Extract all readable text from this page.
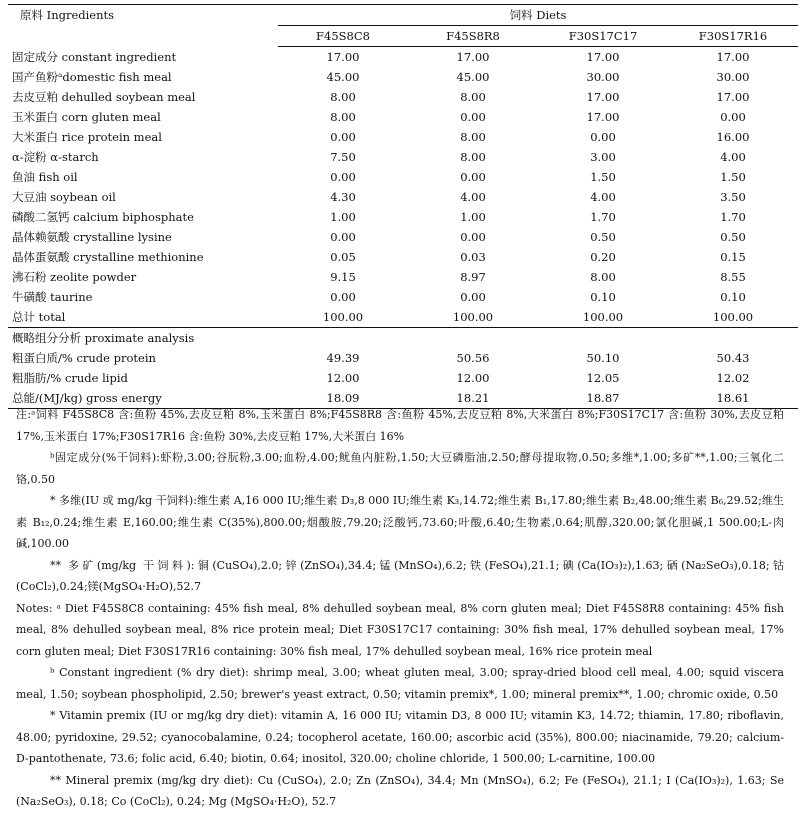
原料 Ingredients	饲料 Diets			
	F45S8C8	F45S8R8	F30S17C17	F30S17R16
固定成分 constant ingredient	17.00	17.00	17.00	17.00
国产鱼粉ᵃdomestic fish meal	45.00	45.00	30.00	30.00
去皮豆粕 dehulled soybean meal	8.00	8.00	17.00	17.00
玉米蛋白 corn gluten meal	8.00	0.00	17.00	0.00
大米蛋白 rice protein meal	0.00	8.00	0.00	16.00
α-淀粉 α-starch	7.50	8.00	3.00	4.00
鱼油 fish oil	0.00	0.00	1.50	1.50
大豆油 soybean oil	4.30	4.00	4.00	3.50
磷酸二氢钙 calcium biphosphate	1.00	1.00	1.70	1.70
晶体赖氨酸 crystalline lysine	0.00	0.00	0.50	0.50
晶体蛋氨酸 crystalline methionine	0.05	0.03	0.20	0.15
沸石粉 zeolite powder	9.15	8.97	8.00	8.55
牛磺酸 taurine	0.00	0.00	0.10	0.10
总计 total	100.00	100.00	100.00	100.00
概略组分分析 proximate analysis				
粗蛋白质/% crude protein	49.39	50.56	50.10	50.43
粗脂肪/% crude lipid	12.00	12.00	12.05	12.02
总能/(MJ/kg) gross energy	18.09	18.21	18.87	18.61

注:ᵃ饲料 F45S8C8 含:鱼粉 45%,去皮豆粕 8%,玉米蛋白 8%;F45S8R8 含:鱼粉 45%,去皮豆粕 8%,大米蛋白 8%;F30S17C17 含:鱼粉 30%,去皮豆粕 17%,玉米蛋白 17%;F30S17R16 含:鱼粉 30%,去皮豆粕 17%,大米蛋白 16%

ᵇ固定成分(%干饲料):虾粉,3.00;谷朊粉,3.00;血粉,4.00;鱿鱼内脏粉,1.50;大豆磷脂油,2.50;酵母提取物,0.50;多维*,1.00;多矿**,1.00;三氧化二铬,0.50

* 多维(IU 或 mg/kg 干饲料):维生素 A,16 000 IU;维生素 D₃,8 000 IU;维生素 K₃,14.72;维生素 B₁,17.80;维生素 B₂,48.00;维生素 B₆,29.52;维生素 B₁₂,0.24;维生素 E,160.00;维生素 C(35%),800.00;烟酸胺,79.20;泛酸钙,73.60;叶酸,6.40;生物素,0.64;肌醇,320.00;氯化胆碱,1 500.00;L-肉碱,100.00

** 多矿(mg/kg 干饲料):铜(CuSO₄),2.0;锌(ZnSO₄),34.4;锰(MnSO₄),6.2;铁(FeSO₄),21.1;碘(Ca(IO₃)₂),1.63;硒(Na₂SeO₃),0.18;钴(CoCl₂),0.24;镁(MgSO₄·H₂O),52.7

Notes: ᵃ Diet F45S8C8 containing: 45% fish meal, 8% dehulled soybean meal, 8% corn gluten meal; Diet F45S8R8 containing: 45% fish meal, 8% dehulled soybean meal, 8% rice protein meal; Diet F30S17C17 containing: 30% fish meal, 17% dehulled soybean meal, 17% corn gluten meal; Diet F30S17R16 containing: 30% fish meal, 17% dehulled soybean meal, 16% rice protein meal

ᵇ Constant ingredient (% dry diet): shrimp meal, 3.00; wheat gluten meal, 3.00; spray-dried blood cell meal, 4.00; squid viscera meal, 1.50; soybean phospholipid, 2.50; brewer's yeast extract, 0.50; vitamin premix*, 1.00; mineral premix**, 1.00; chromic oxide, 0.50

* Vitamin premix (IU or mg/kg dry diet): vitamin A, 16 000 IU; vitamin D3, 8 000 IU; vitamin K3, 14.72; thiamin, 17.80; riboflavin, 48.00; pyridoxine, 29.52; cyanocobalamine, 0.24; tocopherol acetate, 160.00; ascorbic acid (35%), 800.00; niacinamide, 79.20; calcium-D-pantothenate, 73.6; folic acid, 6.40; biotin, 0.64; inositol, 320.00; choline chloride, 1 500.00; L-carnitine, 100.00

** Mineral premix (mg/kg dry diet): Cu (CuSO₄), 2.0; Zn (ZnSO₄), 34.4; Mn (MnSO₄), 6.2; Fe (FeSO₄), 21.1; I (Ca(IO₃)₂), 1.63; Se (Na₂SeO₃), 0.18; Co (CoCl₂), 0.24; Mg (MgSO₄·H₂O), 52.7
